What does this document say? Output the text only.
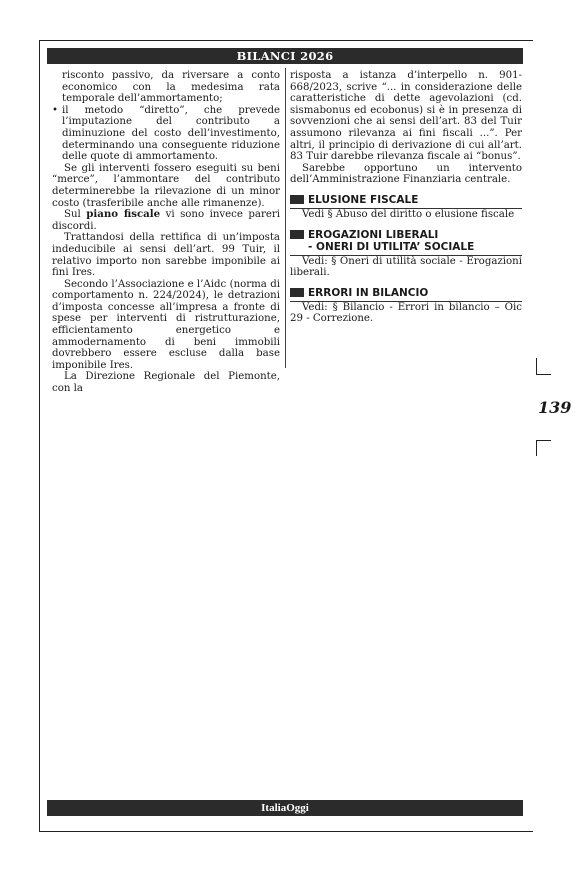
BILANCI 2026

risconto passivo, da riversare a conto economico con la medesima rata temporale dell’ammortamento;

• il metodo “diretto”, che prevede l’imputazione del contributo a diminuzione del costo dell’investimento, determinando una conseguente riduzione delle quote di ammortamento.

Se gli interventi fossero eseguiti su beni “merce”, l’ammontare del contributo determinerebbe la rilevazione di un minor costo (trasferibile anche alle rimanenze).

Sul piano fiscale vi sono invece pareri discordi.

Trattandosi della rettifica di un’imposta indeducibile ai sensi dell’art. 99 Tuir, il relativo importo non sarebbe imponibile ai fini Ires.

Secondo l’Associazione e l’Aidc (norma di comportamento n. 224/2024), le detrazioni d’imposta concesse all’impresa a fronte di spese per interventi di ristrutturazione, efficientamento energetico e ammodernamento di beni immobili dovrebbero essere escluse dalla base imponibile Ires.

La Direzione Regionale del Piemonte, con la

risposta a istanza d’interpello n. 901-668/2023, scrive “... in considerazione delle caratteristiche di dette agevolazioni (cd. sismabonus ed ecobonus) si è in presenza di sovvenzioni che ai sensi dell’art. 83 del Tuir assumono rilevanza ai fini fiscali ...”. Per altri, il principio di derivazione di cui all’art. 83 Tuir darebbe rilevanza fiscale ai “bonus”.

Sarebbe opportuno un intervento dell’Amministrazione Finanziaria centrale.

ELUSIONE FISCALE

Vedi § Abuso del diritto o elusione fiscale

EROGAZIONI LIBERALI
- ONERI DI UTILITA’ SOCIALE

Vedi: § Oneri di utilità sociale - Erogazioni liberali.

ERRORI IN BILANCIO

Vedi: § Bilancio - Errori in bilancio – Oic 29 - Correzione.

139
ItaliaOggi
